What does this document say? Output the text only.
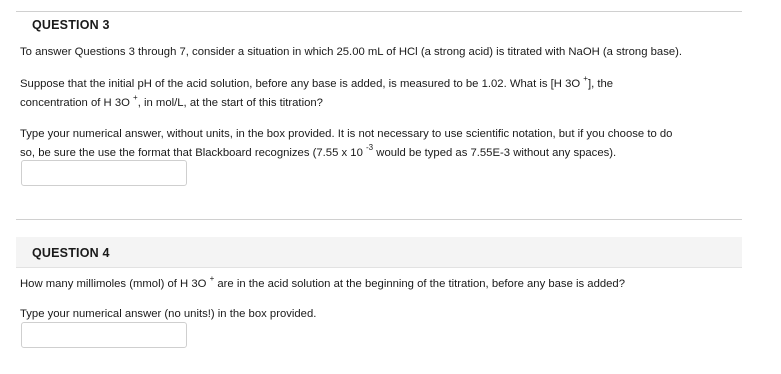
QUESTION 3
To answer Questions 3 through 7, consider a situation in which 25.00 mL of HCl (a strong acid) is titrated with NaOH (a strong base).
Suppose that the initial pH of the acid solution, before any base is added, is measured to be 1.02. What is [H 3O +], the
concentration of H 3O +, in mol/L, at the start of this titration?
Type your numerical answer, without units, in the box provided. It is not necessary to use scientific notation, but if you choose to do
so, be sure the use the format that Blackboard recognizes (7.55 x 10 $^{-3}$ would be typed as 7.55E-3 without any spaces).
QUESTION 4
How many millimoles (mmol) of H 3O + are in the acid solution at the beginning of the titration, before any base is added?
Type your numerical answer (no units!) in the box provided.
